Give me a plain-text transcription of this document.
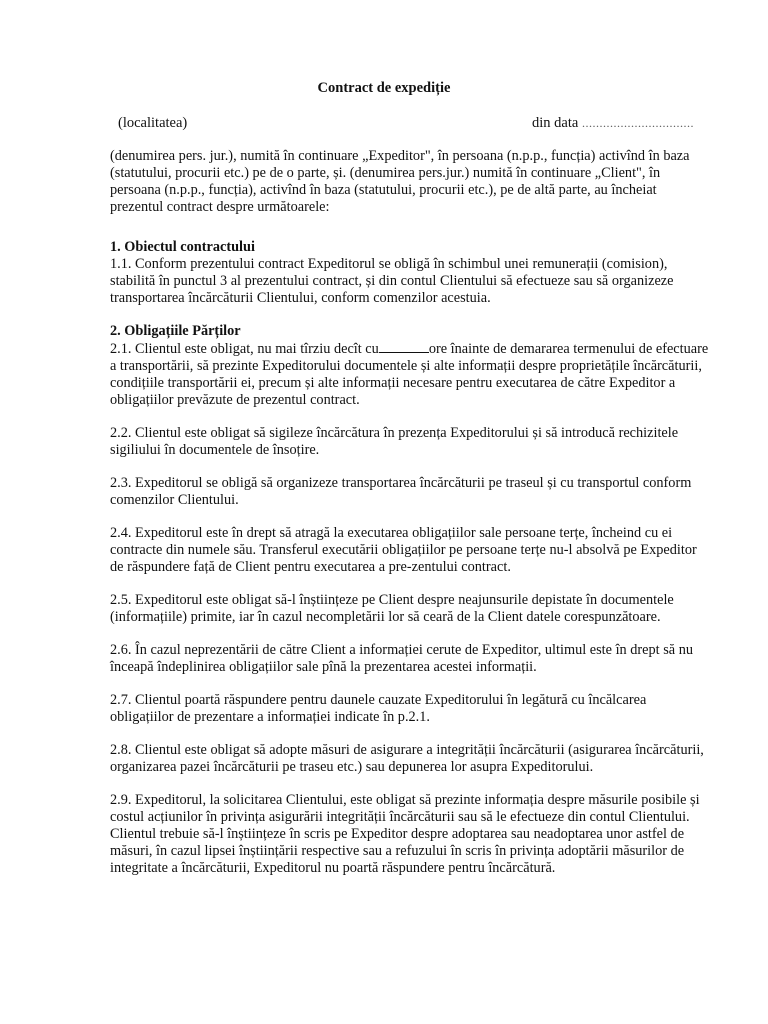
Contract de expediție
(localitatea)	din data ................................

(denumirea pers. jur.), numită în continuare „Expeditor", în persoana (n.p.p., funcția) activînd în baza (statutului, procurii etc.) pe de o parte, și. (denumirea pers.jur.) numită în continuare „Client", în persoana (n.p.p., funcția), activînd în baza (statutului, procurii etc.), pe de altă parte, au încheiat prezentul contract despre următoarele:

1. Obiectul contractului

1.1. Conform prezentului contract Expeditorul se obligă în schimbul unei remunerații (comision), stabilită în punctul 3 al prezentului contract, și din contul Clientului să efectueze sau să organizeze transportarea încărcăturii Clientului, conform comenzilor acestuia.

2. Obligațiile Părților

2.1. Clientul este obligat, nu mai tîrziu decît cu	ore înainte de demararea termenului de efectuare a transportării, să prezinte Expeditorului documentele și alte informații despre proprietățile încărcăturii, condițiile transportării ei, precum și alte informații necesare pentru executarea de către Expeditor a obligațiilor prevăzute de prezentul contract.

2.2. Clientul este obligat să sigileze încărcătura în prezența Expeditorului și să introducă rechizitele sigiliului în documentele de însoțire.

2.3. Expeditorul se obligă să organizeze transportarea încărcăturii pe traseul și cu transportul conform comenzilor Clientului.

2.4. Expeditorul este în drept să atragă la executarea obligațiilor sale persoane terțe, încheind cu ei contracte din numele său. Transferul executării obligațiilor pe persoane terțe nu-l absolvă pe Expeditor de răspundere față de Client pentru executarea a pre-zentului contract.

2.5. Expeditorul este obligat să-l înștiințeze pe Client despre neajunsurile depistate în documentele (informațiile) primite, iar în cazul necompletării lor să ceară de la Client datele corespunzătoare.

2.6. În cazul neprezentării de către Client a informației cerute de Expeditor, ultimul este în drept să nu înceapă îndeplinirea obligațiilor sale pînă la prezentarea acestei informații.

2.7. Clientul poartă răspundere pentru daunele cauzate Expeditorului în legătură cu încălcarea obligațiilor de prezentare a informației indicate în p.2.1.

2.8. Clientul este obligat să adopte măsuri de asigurare a integrității încărcăturii (asigurarea încărcăturii, organizarea pazei încărcăturii pe traseu etc.) sau depunerea lor asupra Expeditorului.

2.9. Expeditorul, la solicitarea Clientului, este obligat să prezinte informația despre măsurile posibile și costul acțiunilor în privința asigurării integrității încărcăturii sau să le efectueze din contul Clientului. Clientul trebuie să-l înștiințeze în scris pe Expeditor despre adoptarea sau neadoptarea unor astfel de măsuri, în cazul lipsei înștiințării respective sau a refuzului în scris în privința adoptării măsurilor de integritate a încărcăturii, Expeditorul nu poartă răspundere pentru încărcătură.
